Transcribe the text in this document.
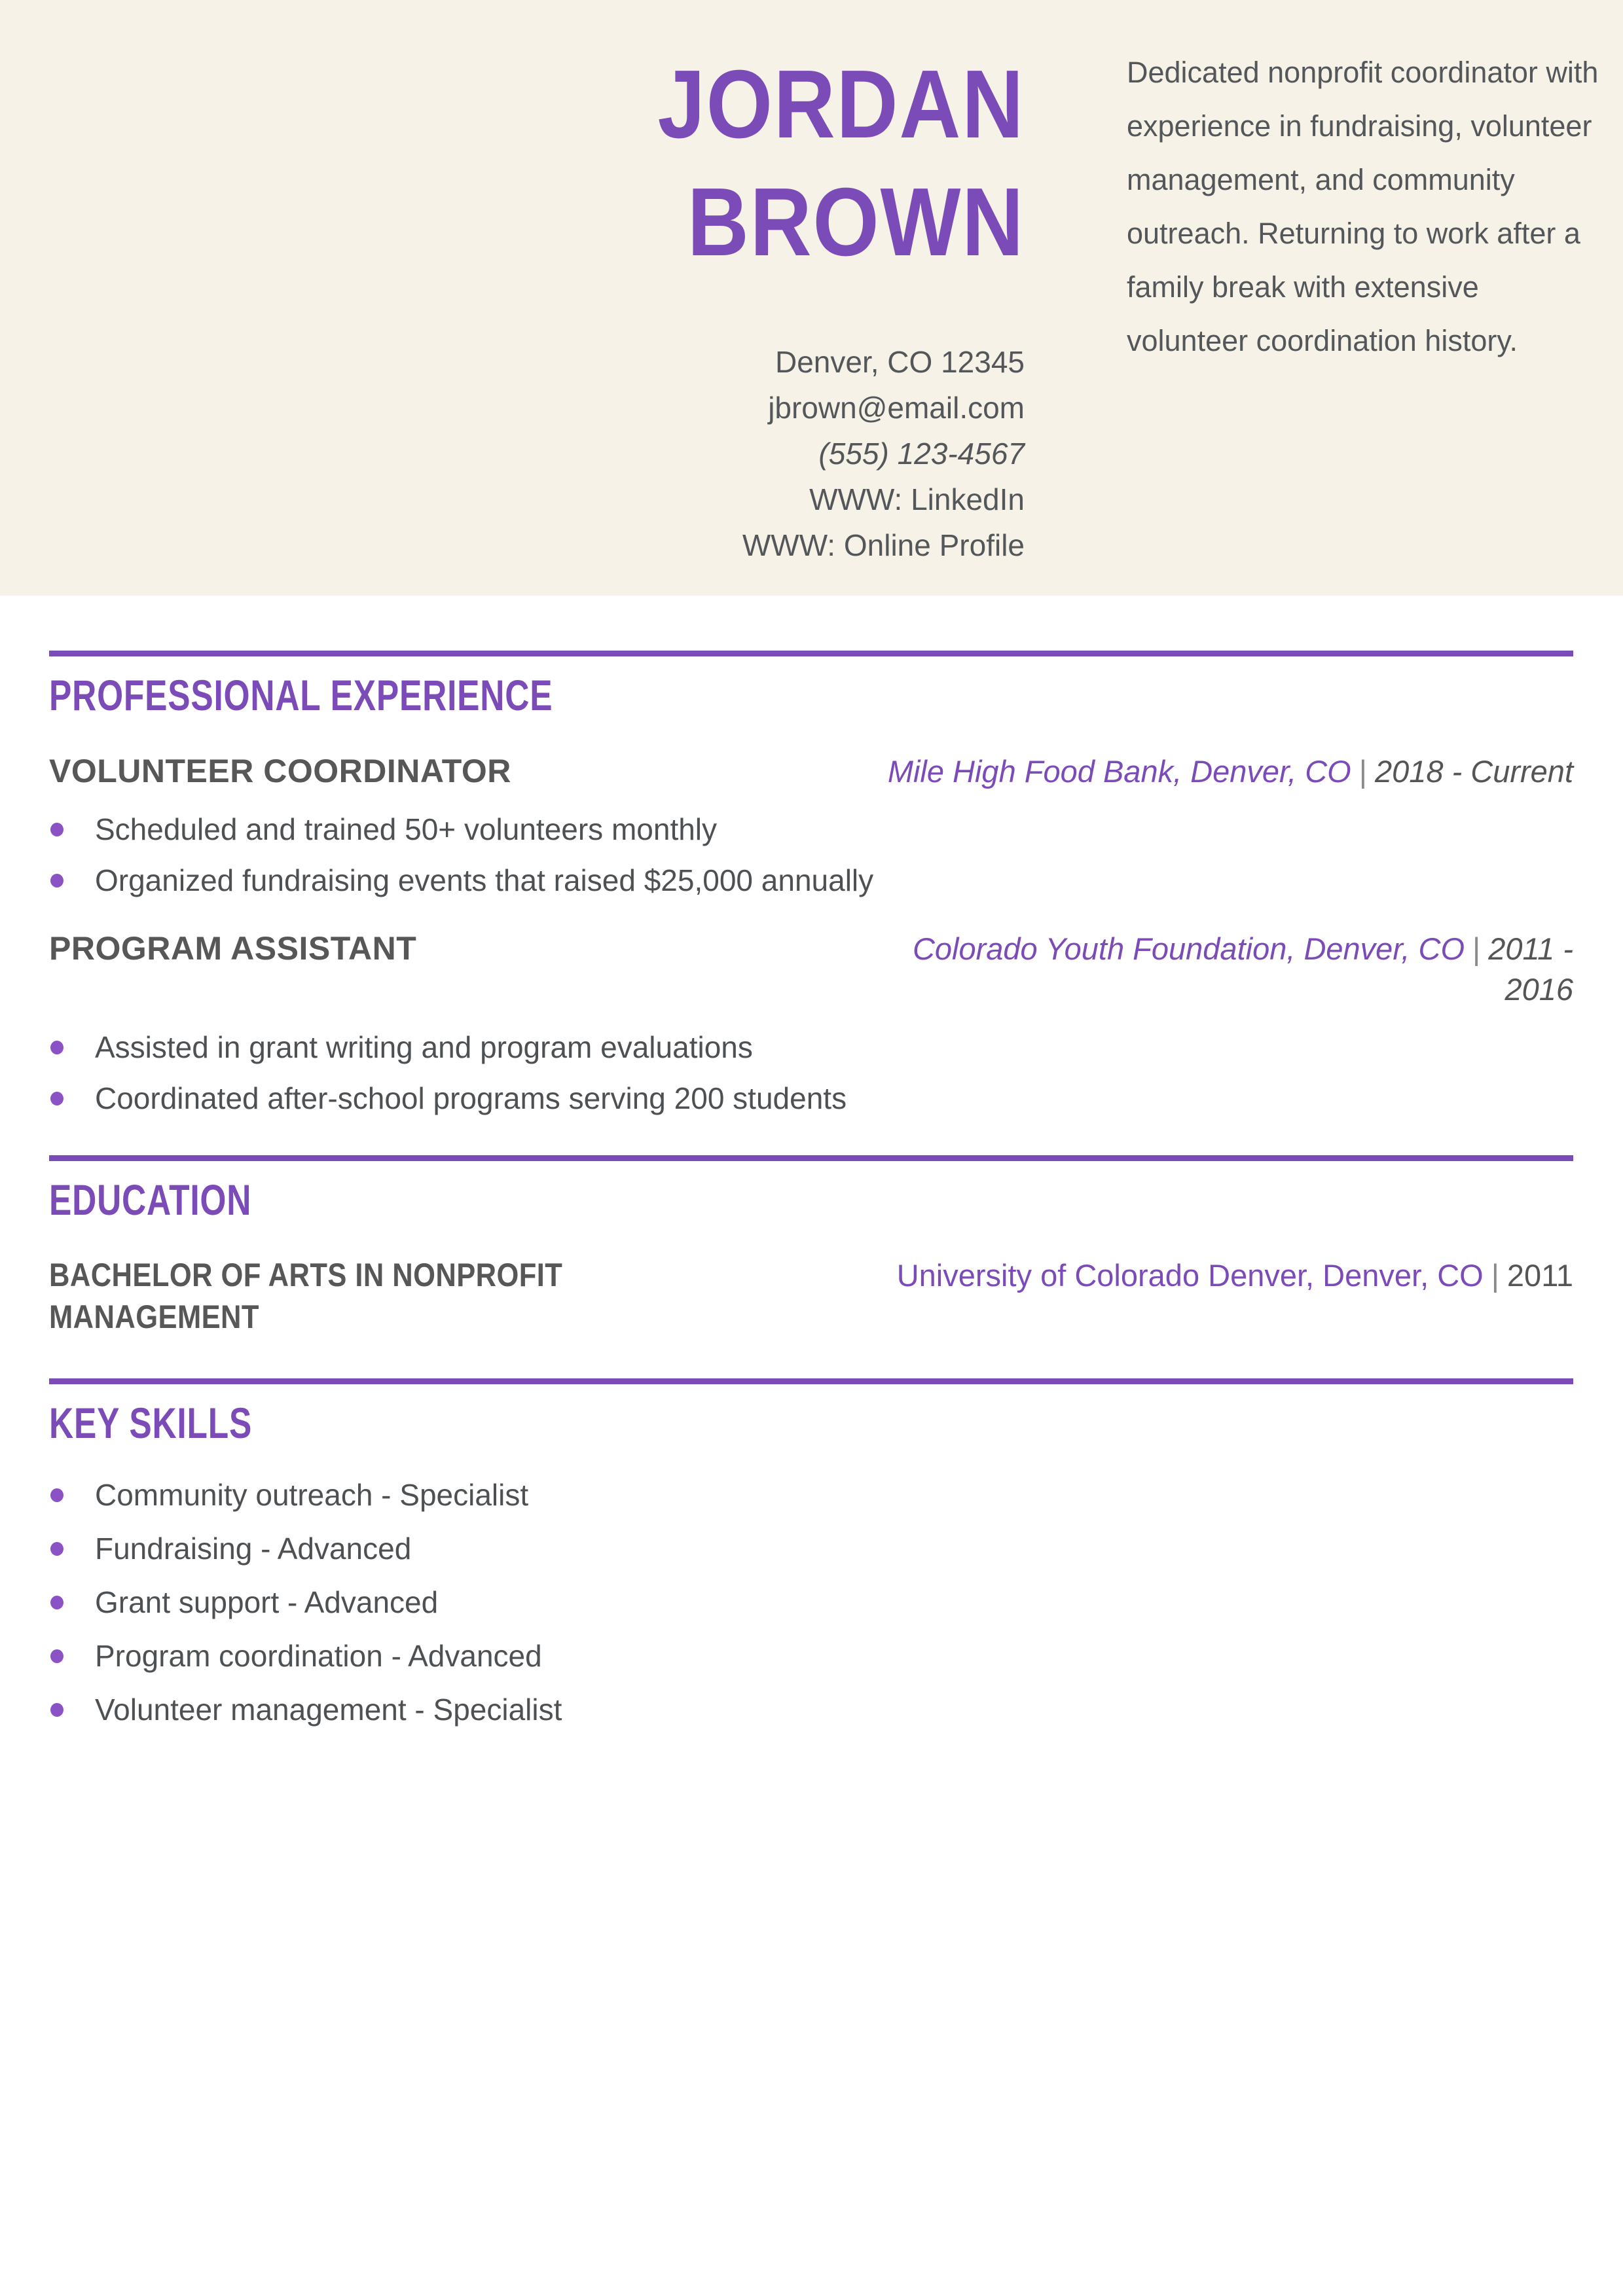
JORDAN
BROWN
Denver, CO 12345
jbrown@email.com
(555) 123-4567
WWW: LinkedIn
WWW: Online Profile

Dedicated nonprofit coordinator with experience in fundraising, volunteer management, and community outreach. Returning to work after a family break with extensive volunteer coordination history.

PROFESSIONAL EXPERIENCE
VOLUNTEER COORDINATOR	Mile High Food Bank, Denver, CO | 2018 - Current
Scheduled and trained 50+ volunteers monthly
Organized fundraising events that raised $25,000 annually
PROGRAM ASSISTANT	Colorado Youth Foundation, Denver, CO | 2011 - 2016
Assisted in grant writing and program evaluations
Coordinated after-school programs serving 200 students
EDUCATION
BACHELOR OF ARTS IN NONPROFIT MANAGEMENT
University of Colorado Denver, Denver, CO | 2011
KEY SKILLS
Community outreach - Specialist
Fundraising - Advanced
Grant support - Advanced
Program coordination - Advanced
Volunteer management - Specialist
